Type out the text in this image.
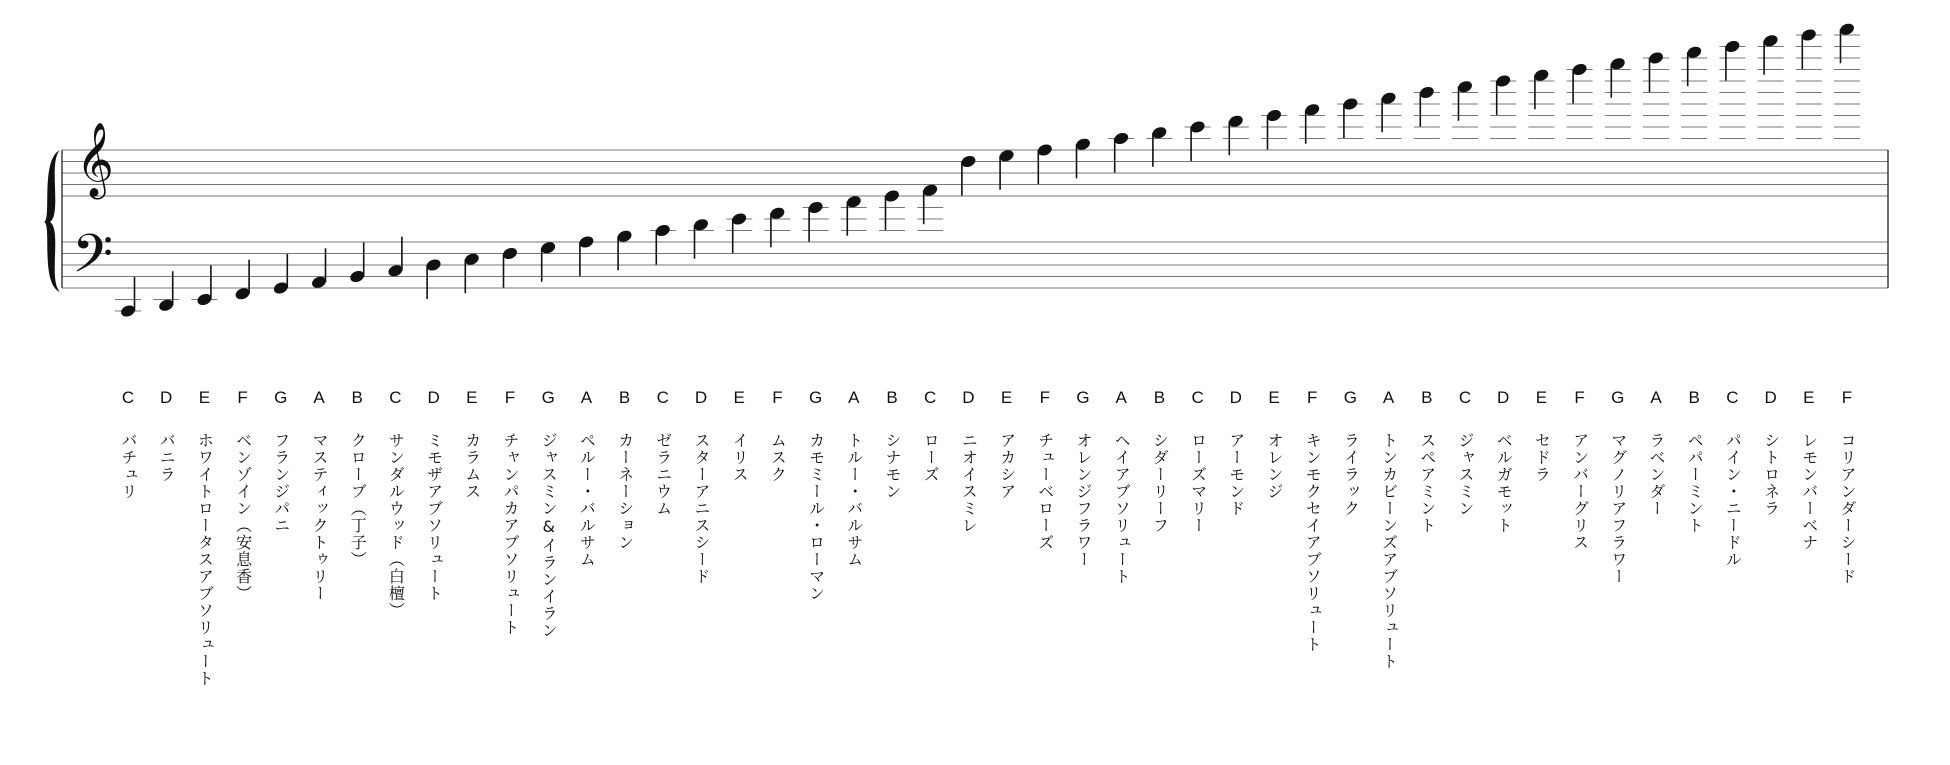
𝄞
𝄢
C
バチュリ
D
バニラ
E
ホワイトロータスアブソリュート
F
ベンゾイン（安息香）
G
フランジパニ
A
マスティックトゥリー
B
クローブ（丁子）
C
サンダルウッド（白檀）
D
ミモザアブソリュート
E
カラムス
F
チャンパカアブソリュート
G
ジャスミン&イランイラン
A
ペルー・バルサム
B
カーネーション
C
ゼラニウム
D
スターアニスシード
E
イリス
F
ムスク
G
カモミール・ローマン
A
トルー・バルサム
B
シナモン
C
ローズ
D
ニオイスミレ
E
アカシア
F
チューベローズ
G
オレンジフラワー
A
ヘイアブソリュート
B
シダーリーフ
C
ローズマリー
D
アーモンド
E
オレンジ
F
キンモクセイアブソリュート
G
ライラック
A
トンカビーンズアブソリュート
B
スペアミント
C
ジャスミン
D
ベルガモット
E
セドラ
F
アンバーグリス
G
マグノリアフラワー
A
ラベンダー
B
ペパーミント
C
パイン・ニードル
D
シトロネラ
E
レモンバーベナ
F
コリアンダーシード
